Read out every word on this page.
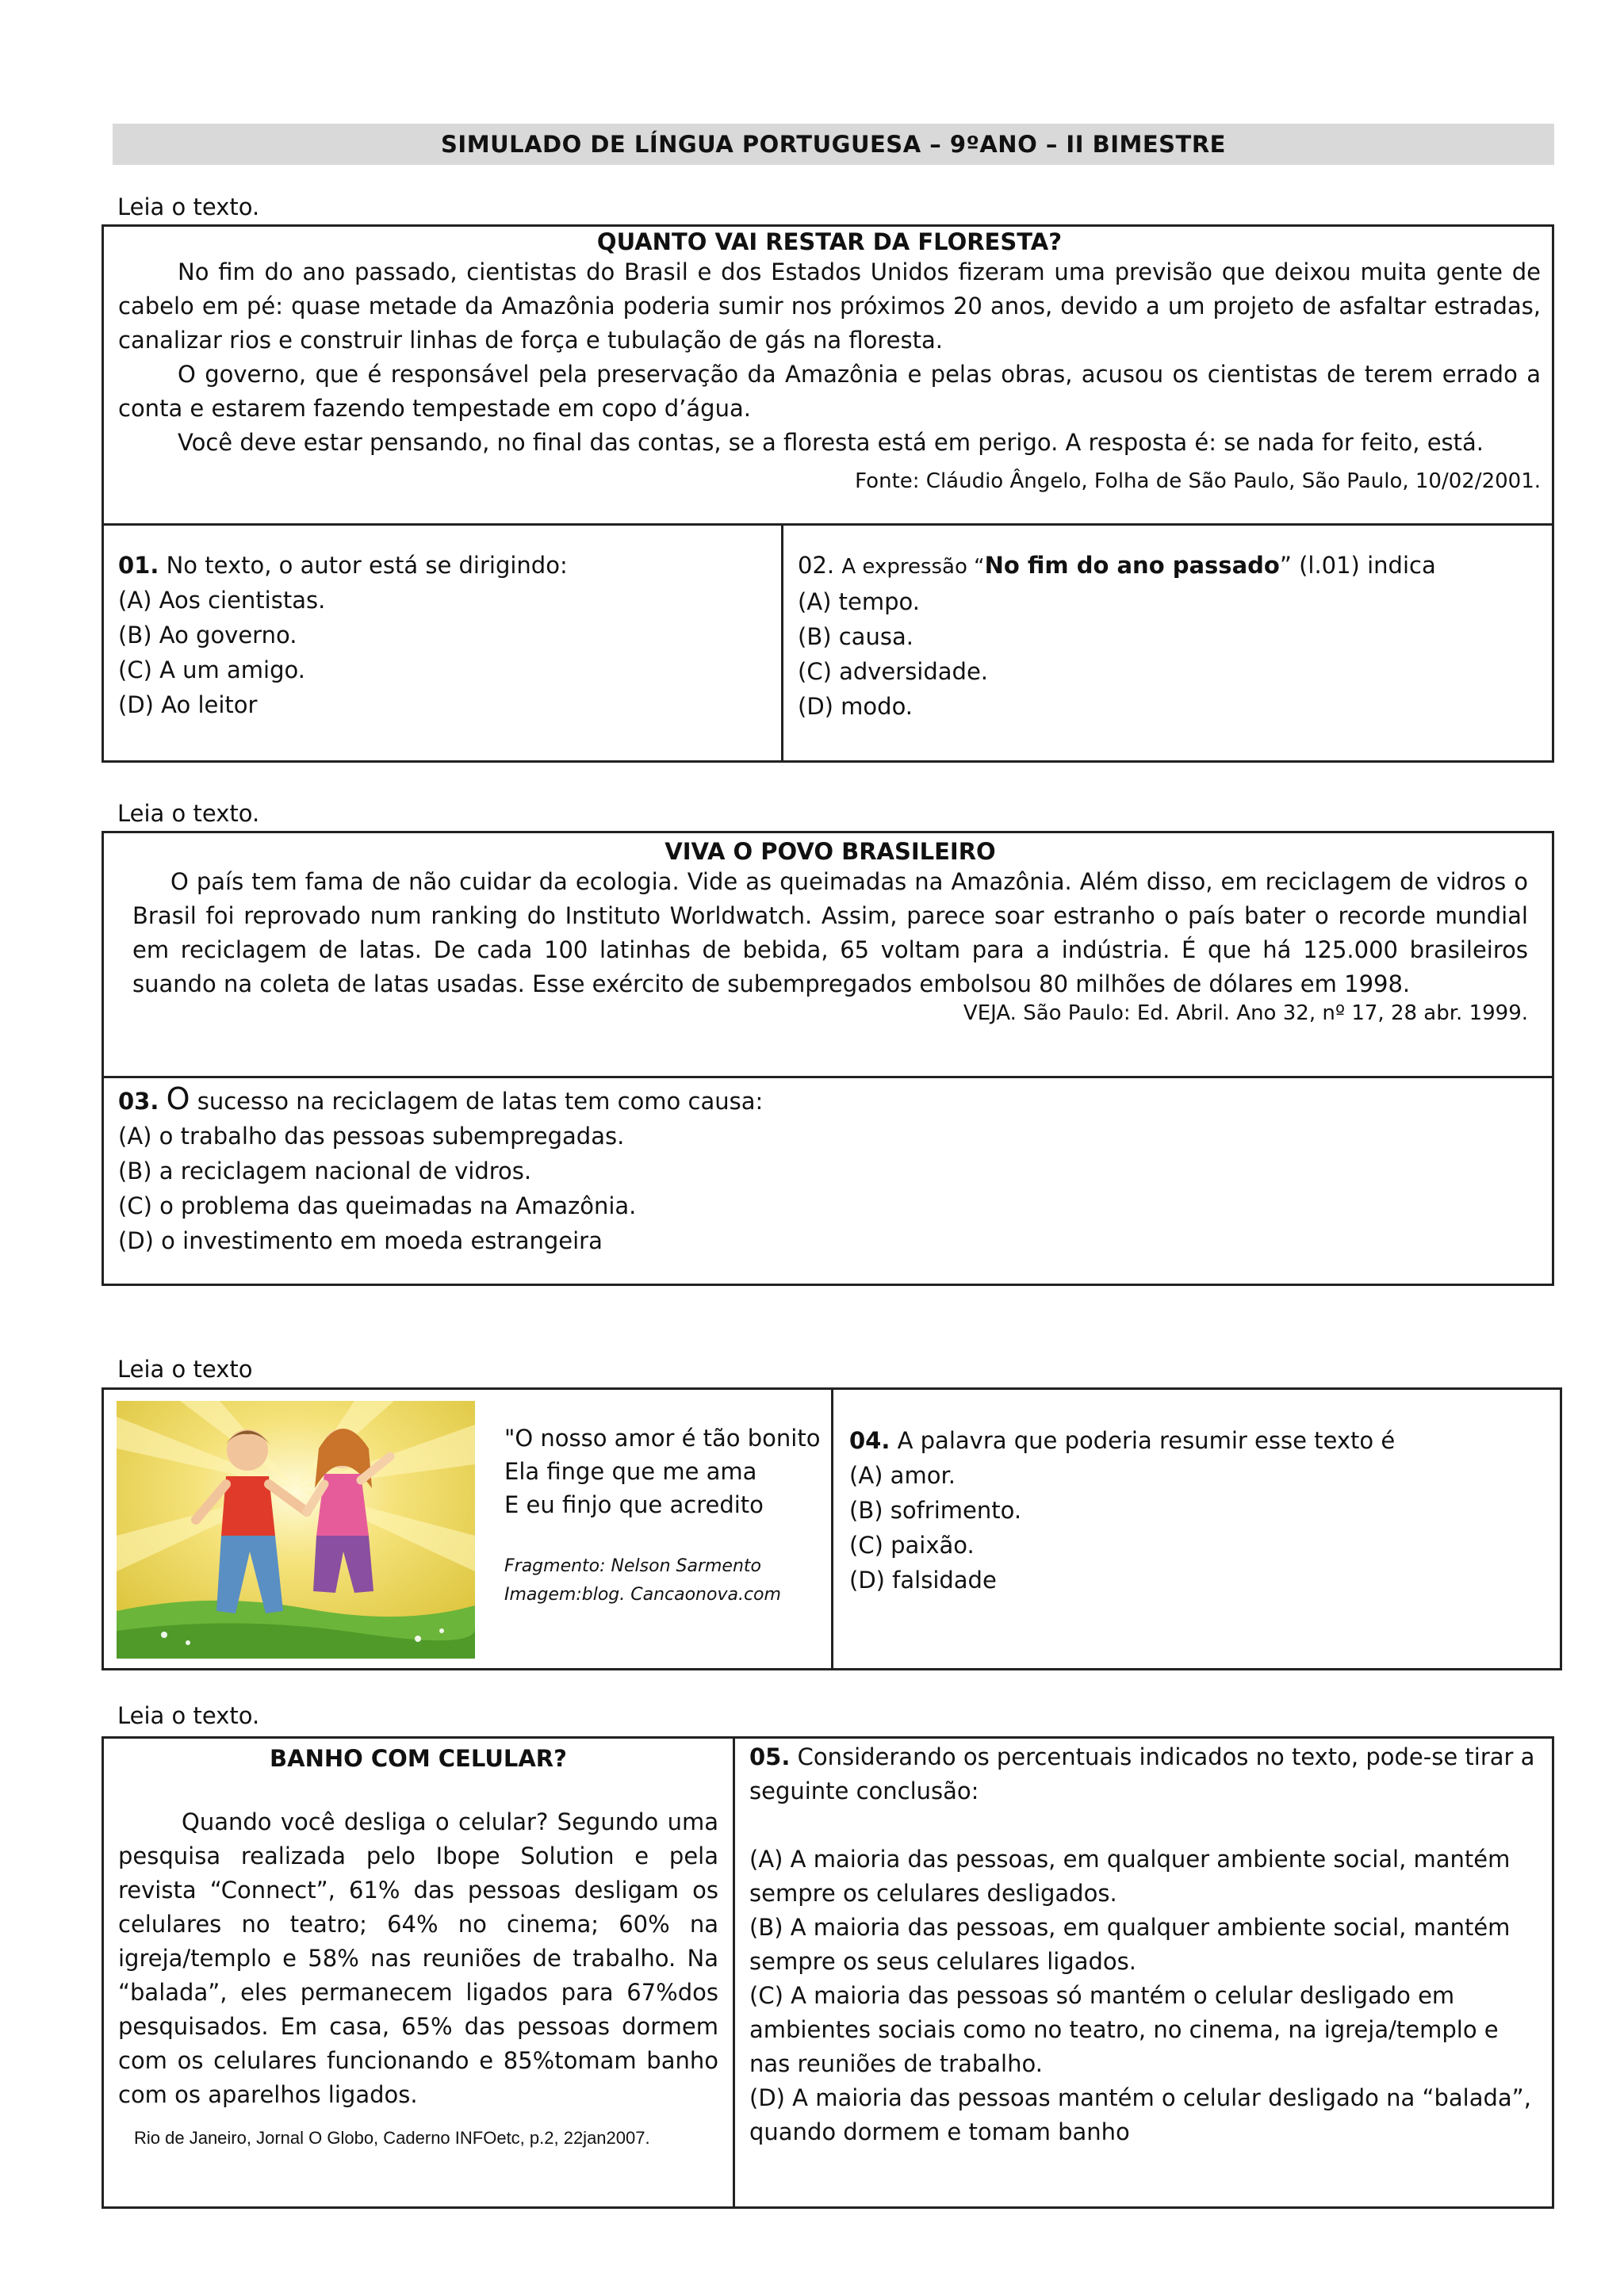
SIMULADO DE LÍNGUA PORTUGUESA – 9ºANO – II BIMESTRE
Leia o texto.
QUANTO VAI RESTAR DA FLORESTA?
No fim do ano passado, cientistas do Brasil e dos Estados Unidos fizeram uma previsão que deixou muita gente de cabelo em pé: quase metade da Amazônia poderia sumir nos próximos 20 anos, devido a um projeto de asfaltar estradas, canalizar rios e construir linhas de força e tubulação de gás na floresta.
O governo, que é responsável pela preservação da Amazônia e pelas obras, acusou os cientistas de terem errado a conta e estarem fazendo tempestade em copo d’água.
Você deve estar pensando, no final das contas, se a floresta está em perigo. A resposta é: se nada for feito, está.
Fonte: Cláudio Ângelo, Folha de São Paulo, São Paulo, 10/02/2001.
01. No texto, o autor está se dirigindo:
(A) Aos cientistas.
(B) Ao governo.
(C) A um amigo.
(D) Ao leitor
02. A expressão “No fim do ano passado” (l.01) indica
(A) tempo.
(B) causa.
(C) adversidade.
(D) modo.
Leia o texto.
VIVA O POVO BRASILEIRO
O país tem fama de não cuidar da ecologia. Vide as queimadas na Amazônia. Além disso, em reciclagem de vidros o Brasil foi reprovado num ranking do Instituto Worldwatch. Assim, parece soar estranho o país bater o recorde mundial em reciclagem de latas. De cada 100 latinhas de bebida, 65 voltam para a indústria. É que há 125.000 brasileiros suando na coleta de latas usadas. Esse exército de subempregados embolsou 80 milhões de dólares em 1998.
VEJA. São Paulo: Ed. Abril. Ano 32, nº 17, 28 abr. 1999.
03. O sucesso na reciclagem de latas tem como causa:
(A) o trabalho das pessoas subempregadas.
(B) a reciclagem nacional de vidros.
(C) o problema das queimadas na Amazônia.
(D) o investimento em moeda estrangeira
Leia o texto
"O nosso amor é tão bonito
Ela finge que me ama
E eu finjo que acredito
Fragmento: Nelson Sarmento
Imagem:blog. Cancaonova.com
04. A palavra que poderia resumir esse texto é
(A) amor.
(B) sofrimento.
(C) paixão.
(D) falsidade
Leia o texto.
BANHO COM CELULAR?
Quando você desliga o celular? Segundo uma pesquisa realizada pelo Ibope Solution e pela revista “Connect”, 61% das pessoas desligam os celulares no teatro; 64% no cinema; 60% na igreja/templo e 58% nas reuniões de trabalho. Na “balada”, eles permanecem ligados para 67%dos pesquisados. Em casa, 65% das pessoas dormem com os celulares funcionando e 85%tomam banho com os aparelhos ligados.
Rio de Janeiro, Jornal O Globo, Caderno INFOetc, p.2, 22jan2007.
05. Considerando os percentuais indicados no texto, pode-se tirar a seguinte conclusão:
(A) A maioria das pessoas, em qualquer ambiente social, mantém sempre os celulares desligados.
(B) A maioria das pessoas, em qualquer ambiente social, mantém sempre os seus celulares ligados.
(C) A maioria das pessoas só mantém o celular desligado em ambientes sociais como no teatro, no cinema, na igreja/templo e nas reuniões de trabalho.
(D) A maioria das pessoas mantém o celular desligado na “balada”, quando dormem e tomam banho
